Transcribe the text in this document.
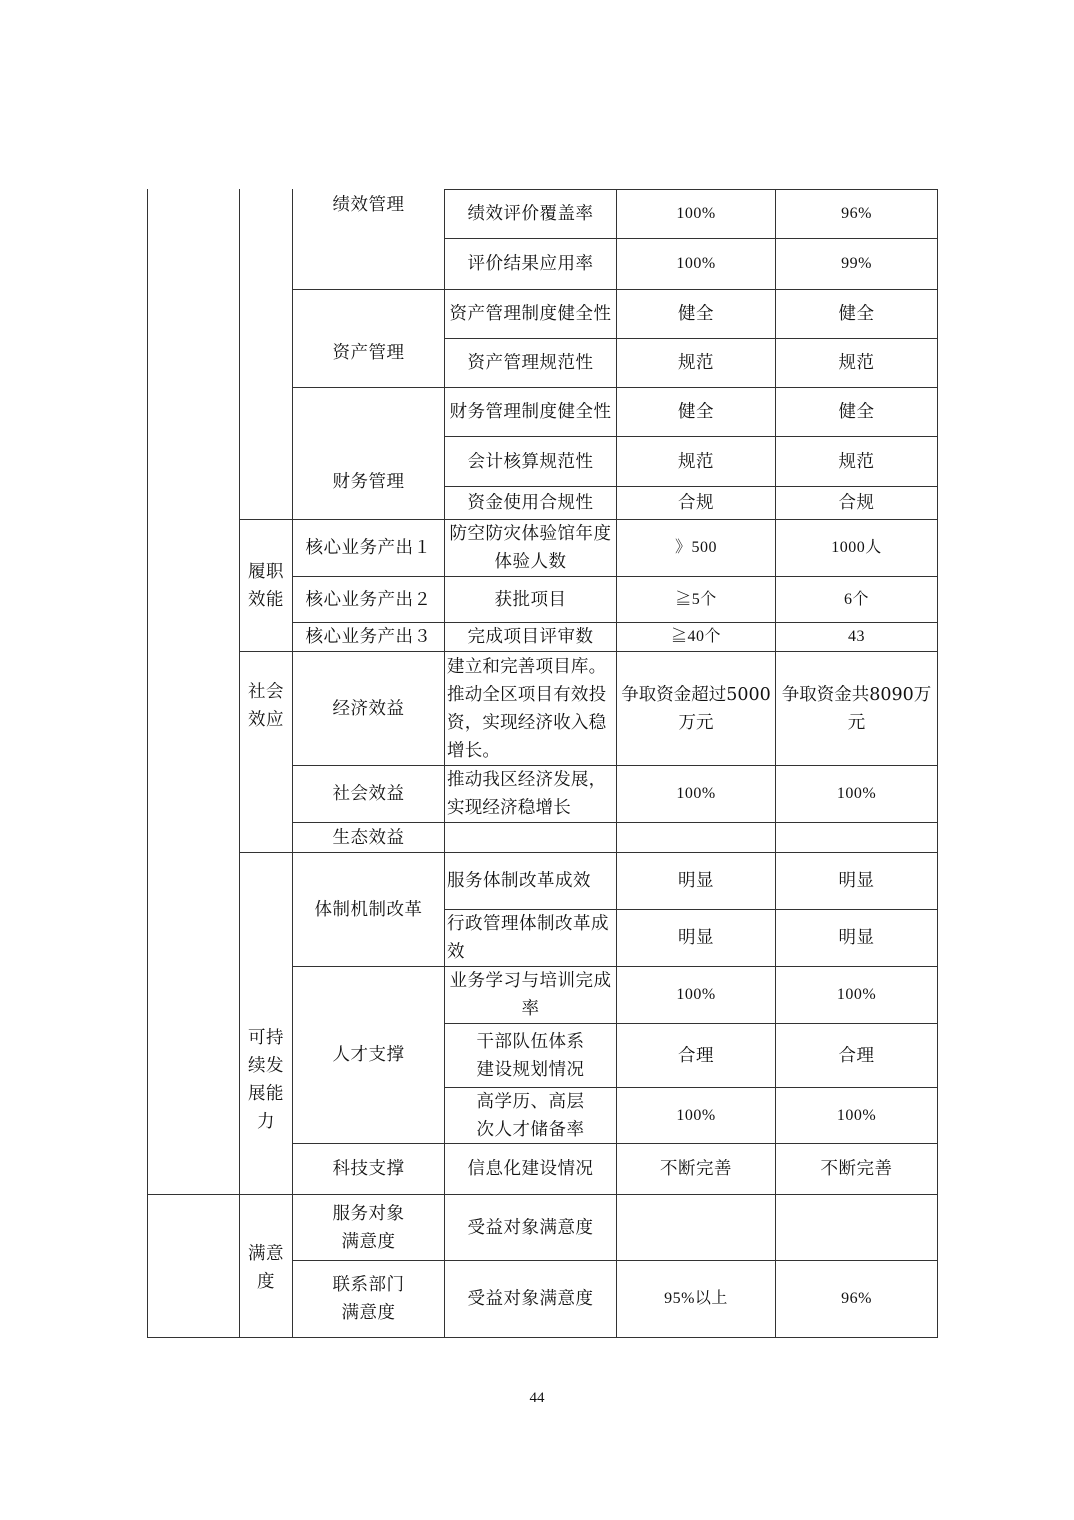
履职效能
社会效应
可持续发展能力
满意度
绩效管理
资产管理
财务管理
核心业务产出１
核心业务产出２
核心业务产出３
经济效益
社会效益
生态效益
体制机制改革
人才支撑
科技支撑
服务对象满意度
联系部门满意度
绩效评价覆盖率
评价结果应用率
资产管理制度健全性
资产管理规范性
财务管理制度健全性
会计核算规范性
资金使用合规性
防空防灾体验馆年度体验人数
获批项目
完成项目评审数
建立和完善项目库。推动全区项目有效投资，实现经济收入稳增长。
推动我区经济发展，实现经济稳增长
服务体制改革成效
行政管理体制改革成效
业务学习与培训完成率
干部队伍体系建设规划情况
高学历、高层次人才储备率
信息化建设情况
受益对象满意度
受益对象满意度
100%
100%
健全
规范
健全
规范
合规
》500
≧5个
≧40个
争取资金超过5000万元
100%
明显
明显
100%
合理
100%
不断完善
95%以上
96%
99%
健全
规范
健全
规范
合规
1000人
6个
43
争取资金共8090万元
100%
明显
明显
100%
合理
100%
不断完善
96%
44
